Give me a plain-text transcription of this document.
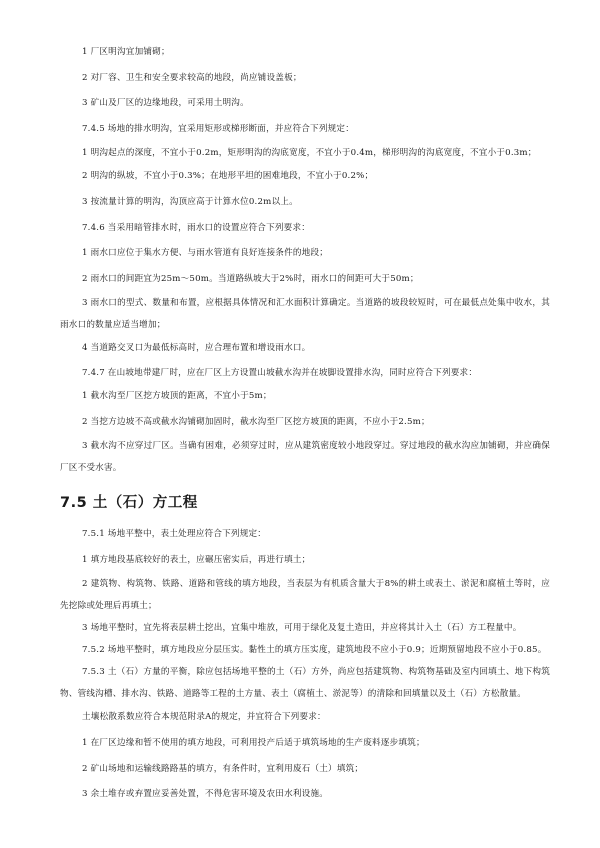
1 厂区明沟宜加铺砌；

2 对厂容、卫生和安全要求较高的地段，尚应铺设盖板；

3 矿山及厂区的边缘地段，可采用土明沟。

7.4.5 场地的排水明沟，宜采用矩形或梯形断面，并应符合下列规定：

1 明沟起点的深度，不宜小于0.2m，矩形明沟的沟底宽度，不宜小于0.4m，梯形明沟的沟底宽度，不宜小于0.3m；

2 明沟的纵坡，不宜小于0.3%；在地形平坦的困难地段，不宜小于0.2%；

3 按流量计算的明沟，沟顶应高于计算水位0.2m以上。

7.4.6 当采用暗管排水时，雨水口的设置应符合下列要求：

1 雨水口应位于集水方便、与雨水管道有良好连接条件的地段；

2 雨水口的间距宜为25m～50m。当道路纵坡大于2%时，雨水口的间距可大于50m；

3 雨水口的型式、数量和布置，应根据具体情况和汇水面积计算确定。当道路的坡段较短时，可在最低点处集中收水，其雨水口的数量应适当增加；

4 当道路交叉口为最低标高时，应合理布置和增设雨水口。

7.4.7 在山坡地带建厂时，应在厂区上方设置山坡截水沟并在坡脚设置排水沟，同时应符合下列要求：

1 截水沟至厂区挖方坡顶的距离，不宜小于5m；

2 当挖方边坡不高或截水沟铺砌加固时，截水沟至厂区挖方坡顶的距离，不应小于2.5m；

3 截水沟不应穿过厂区。当确有困难，必须穿过时，应从建筑密度较小地段穿过。穿过地段的截水沟应加铺砌，并应确保厂区不受水害。

7.5 土（石）方工程

7.5.1 场地平整中，表土处理应符合下列规定：

1 填方地段基底较好的表土，应碾压密实后，再进行填土；

2 建筑物、构筑物、铁路、道路和管线的填方地段，当表层为有机质含量大于8%的耕土或表土、淤泥和腐植土等时，应先挖除或处理后再填土；

3 场地平整时，宜先将表层耕土挖出，宜集中堆放，可用于绿化及复土造田，并应将其计入土（石）方工程量中。

7.5.2 场地平整时，填方地段应分层压实。黏性土的填方压实度，建筑地段不应小于0.9；近期预留地段不应小于0.85。

7.5.3 土（石）方量的平衡，除应包括场地平整的土（石）方外，尚应包括建筑物、构筑物基础及室内回填土、地下构筑物、管线沟槽、排水沟、铁路、道路等工程的土方量、表土（腐植土、淤泥等）的清除和回填量以及土（石）方松散量。

土壤松散系数应符合本规范附录A的规定，并宜符合下列要求：

1 在厂区边缘和暂不使用的填方地段，可利用投产后适于填筑场地的生产废料逐步填筑；

2 矿山场地和运输线路路基的填方，有条件时，宜利用废石（土）填筑；

3 余土堆存或弃置应妥善处置，不得危害环境及农田水利设施。
